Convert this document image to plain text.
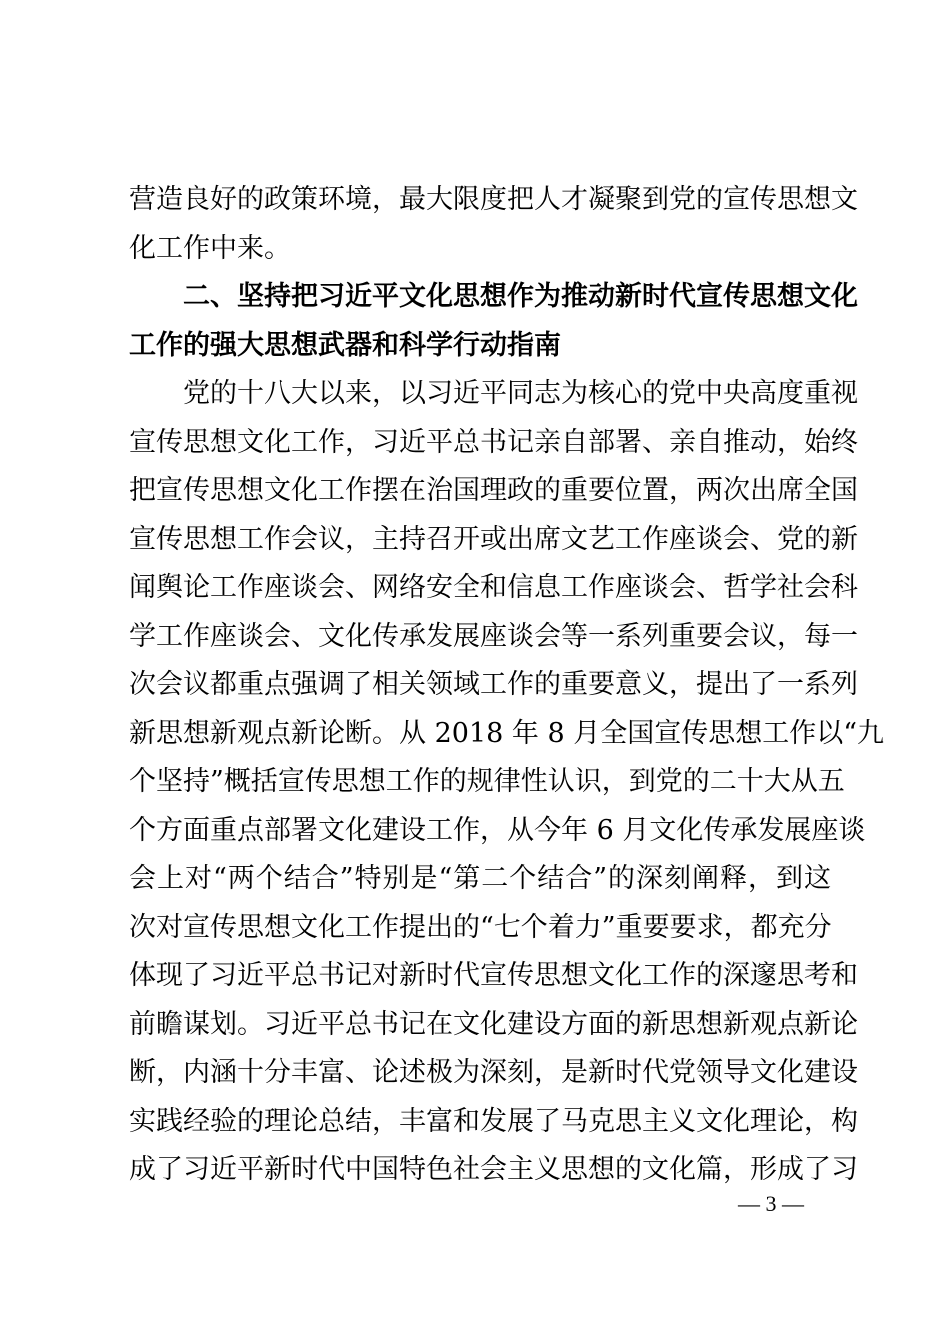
营造良好的政策环境，最大限度把人才凝聚到党的宣传思想文
化工作中来。
二、坚持把习近平文化思想作为推动新时代宣传思想文化
工作的强大思想武器和科学行动指南
党的十八大以来，以习近平同志为核心的党中央高度重视
宣传思想文化工作，习近平总书记亲自部署、亲自推动，始终
把宣传思想文化工作摆在治国理政的重要位置，两次出席全国
宣传思想工作会议，主持召开或出席文艺工作座谈会、党的新
闻舆论工作座谈会、网络安全和信息工作座谈会、哲学社会科
学工作座谈会、文化传承发展座谈会等一系列重要会议，每一
次会议都重点强调了相关领域工作的重要意义，提出了一系列
新思想新观点新论断。从 2018 年 8 月全国宣传思想工作以“九
个坚持”概括宣传思想工作的规律性认识，到党的二十大从五
个方面重点部署文化建设工作，从今年 6 月文化传承发展座谈
会上对“两个结合”特别是“第二个结合”的深刻阐释，到这
次对宣传思想文化工作提出的“七个着力”重要要求，都充分
体现了习近平总书记对新时代宣传思想文化工作的深邃思考和
前瞻谋划。习近平总书记在文化建设方面的新思想新观点新论
断，内涵十分丰富、论述极为深刻，是新时代党领导文化建设
实践经验的理论总结，丰富和发展了马克思主义文化理论，构
成了习近平新时代中国特色社会主义思想的文化篇，形成了习
— 3 —
